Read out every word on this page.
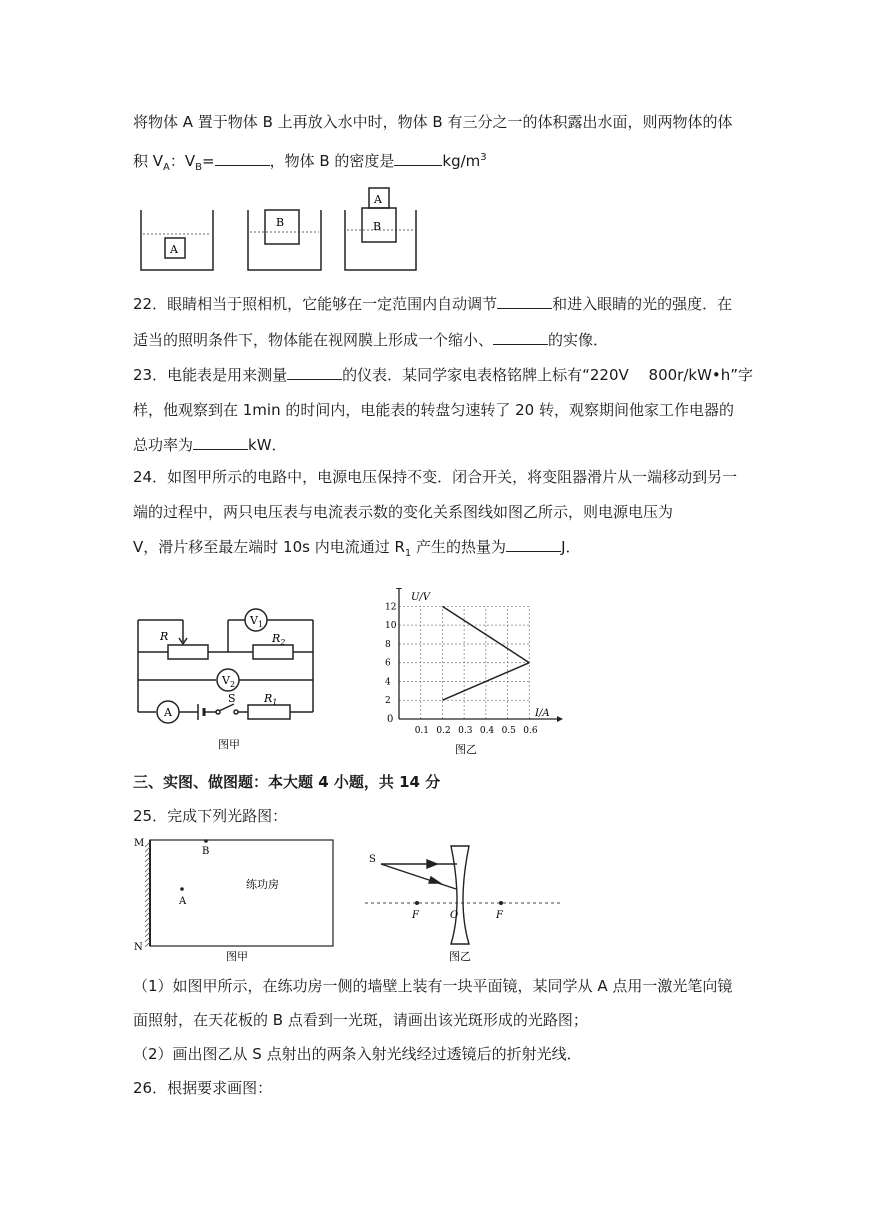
将物体 A 置于物体 B 上再放入水中时，物体 B 有三分之一的体积露出水面，则两物体的体
积 $V_A$：$V_B=$	，物体 B 的密度是	$kg/m^3$
A
B
A
B
22．眼睛相当于照相机，它能够在一定范围内自动调节	和进入眼睛的光的强度．在
适当的照明条件下，物体能在视网膜上形成一个缩小、	的实像．
23．电能表是用来测量	的仪表．某同学家电表格铭牌上标有“220V　 800r/kW•h”字
样，他观察到在 1min 的时间内，电能表的转盘匀速转了 20 转，观察期间他家工作电器的
总功率为	kW．
24．如图甲所示的电路中，电源电压保持不变．闭合开关，将变阻器滑片从一端移动到另一
端的过程中，两只电压表与电流表示数的变化关系图线如图乙所示，则电源电压为
V，滑片移至最左端时 10s 内电流通过 $R_1$ 产生的热量为	J．
R	$R_2$
$V_1$
$V_2$
A
S	$R_1$
图甲
0.1 0.2 0.3 0.4 0.5 0.6
2
4
6
8
10
12
U/V
I/A
0
图乙
三、实图、做图题：本大题 4 小题，共 14 分
25．完成下列光路图：
M
N
B
A
练功房
图甲
S
F	O	F
图乙
（1）如图甲所示，在练功房一侧的墙壁上装有一块平面镜，某同学从 A 点用一激光笔向镜
面照射，在天花板的 B 点看到一光斑，请画出该光斑形成的光路图；
（2）画出图乙从 S 点射出的两条入射光线经过透镜后的折射光线．
26．根据要求画图：
